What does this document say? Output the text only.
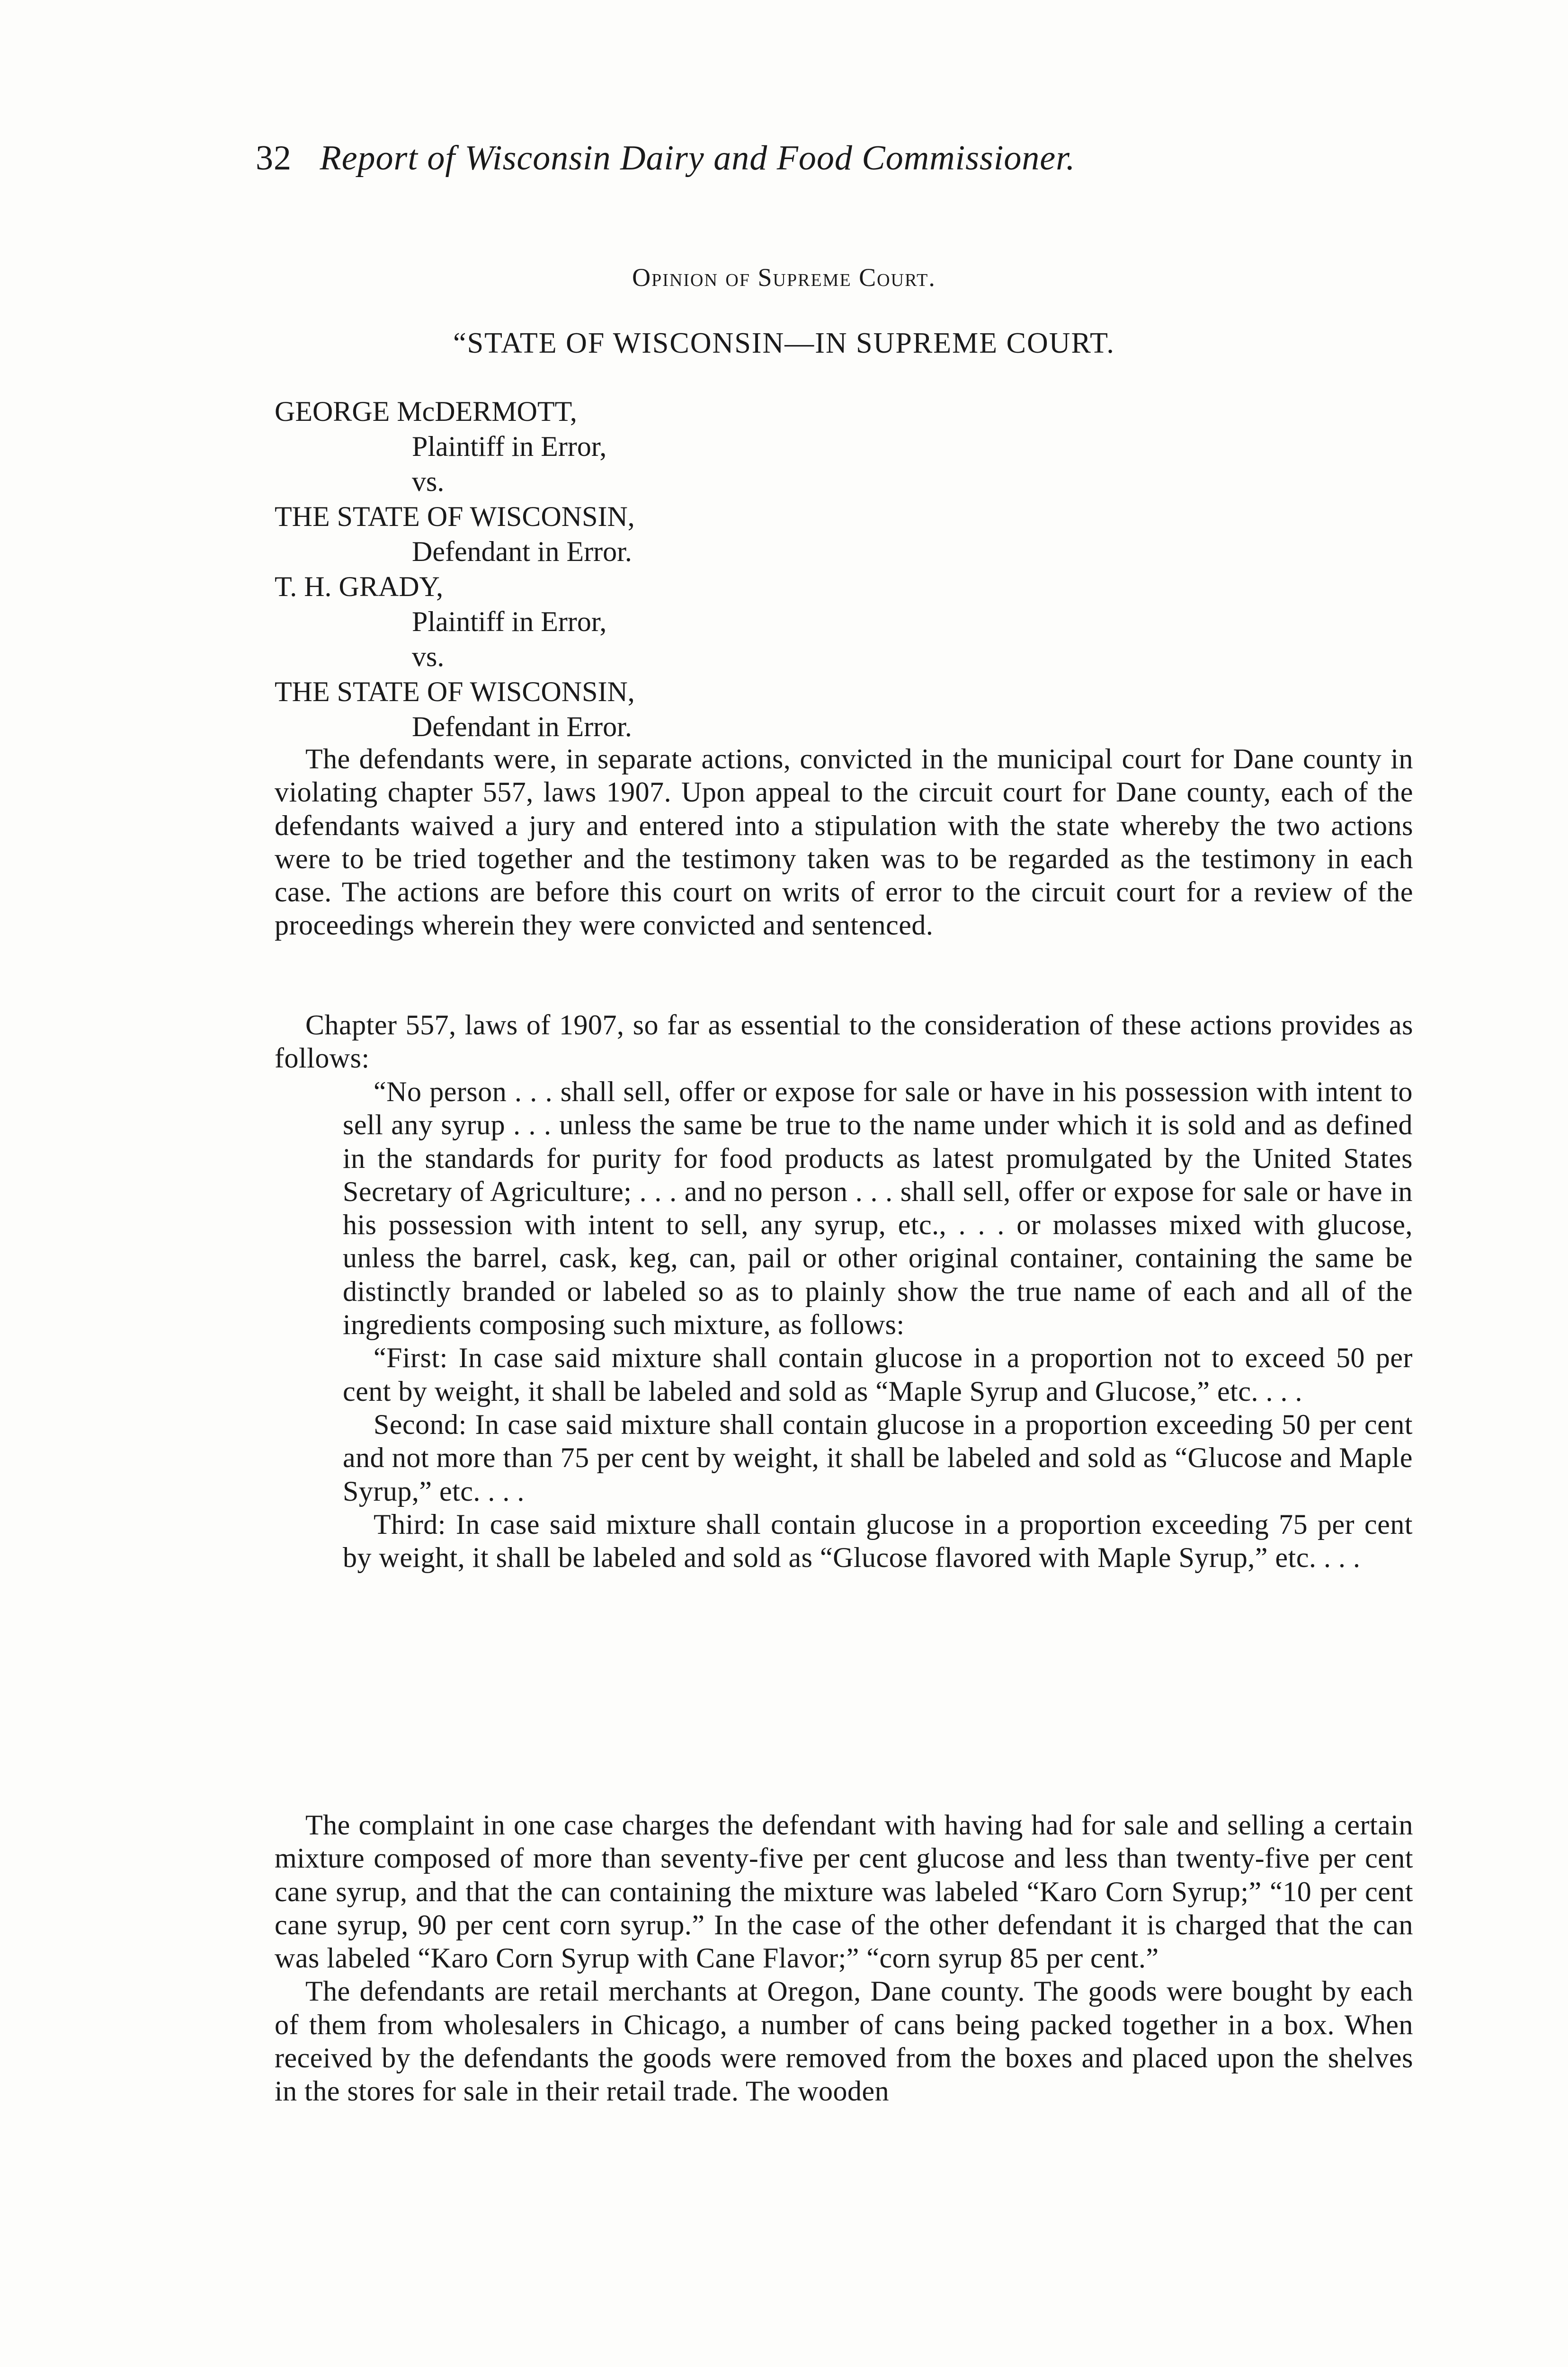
32 Report of Wisconsin Dairy and Food Commissioner.
Opinion of Supreme Court.
“STATE OF WISCONSIN—IN SUPREME COURT.
GEORGE McDERMOTT,
Plaintiff in Error,
vs.
THE STATE OF WISCONSIN,
Defendant in Error.
T. H. GRADY,
Plaintiff in Error,
vs.
THE STATE OF WISCONSIN,
Defendant in Error.

The defendants were, in separate actions, convicted in the municipal court for Dane county in violating chapter 557, laws 1907. Upon appeal to the circuit court for Dane county, each of the defendants waived a jury and entered into a stipulation with the state whereby the two actions were to be tried together and the testimony taken was to be regarded as the testimony in each case. The actions are before this court on writs of error to the circuit court for a review of the proceedings wherein they were convicted and sentenced.

Chapter 557, laws of 1907, so far as essential to the consideration of these actions provides as follows:

“No person . . . shall sell, offer or expose for sale or have in his possession with intent to sell any syrup . . . unless the same be true to the name under which it is sold and as defined in the standards for purity for food products as latest promulgated by the United States Secretary of Agriculture; . . . and no person . . . shall sell, offer or expose for sale or have in his possession with intent to sell, any syrup, etc., . . . or molasses mixed with glucose, unless the barrel, cask, keg, can, pail or other original container, containing the same be distinctly branded or labeled so as to plainly show the true name of each and all of the ingredients composing such mixture, as follows:

“First: In case said mixture shall contain glucose in a proportion not to exceed 50 per cent by weight, it shall be labeled and sold as “Maple Syrup and Glucose,” etc. . . .

Second: In case said mixture shall contain glucose in a proportion exceeding 50 per cent and not more than 75 per cent by weight, it shall be labeled and sold as “Glucose and Maple Syrup,” etc. . . .

Third: In case said mixture shall contain glucose in a proportion exceeding 75 per cent by weight, it shall be labeled and sold as “Glucose flavored with Maple Syrup,” etc. . . .

The complaint in one case charges the defendant with having had for sale and selling a certain mixture composed of more than seventy-five per cent glucose and less than twenty-five per cent cane syrup, and that the can containing the mixture was labeled “Karo Corn Syrup;” “10 per cent cane syrup, 90 per cent corn syrup.” In the case of the other defendant it is charged that the can was labeled “Karo Corn Syrup with Cane Flavor;” “corn syrup 85 per cent.”

The defendants are retail merchants at Oregon, Dane county. The goods were bought by each of them from wholesalers in Chicago, a number of cans being packed together in a box. When received by the defendants the goods were removed from the boxes and placed upon the shelves in the stores for sale in their retail trade. The wooden
